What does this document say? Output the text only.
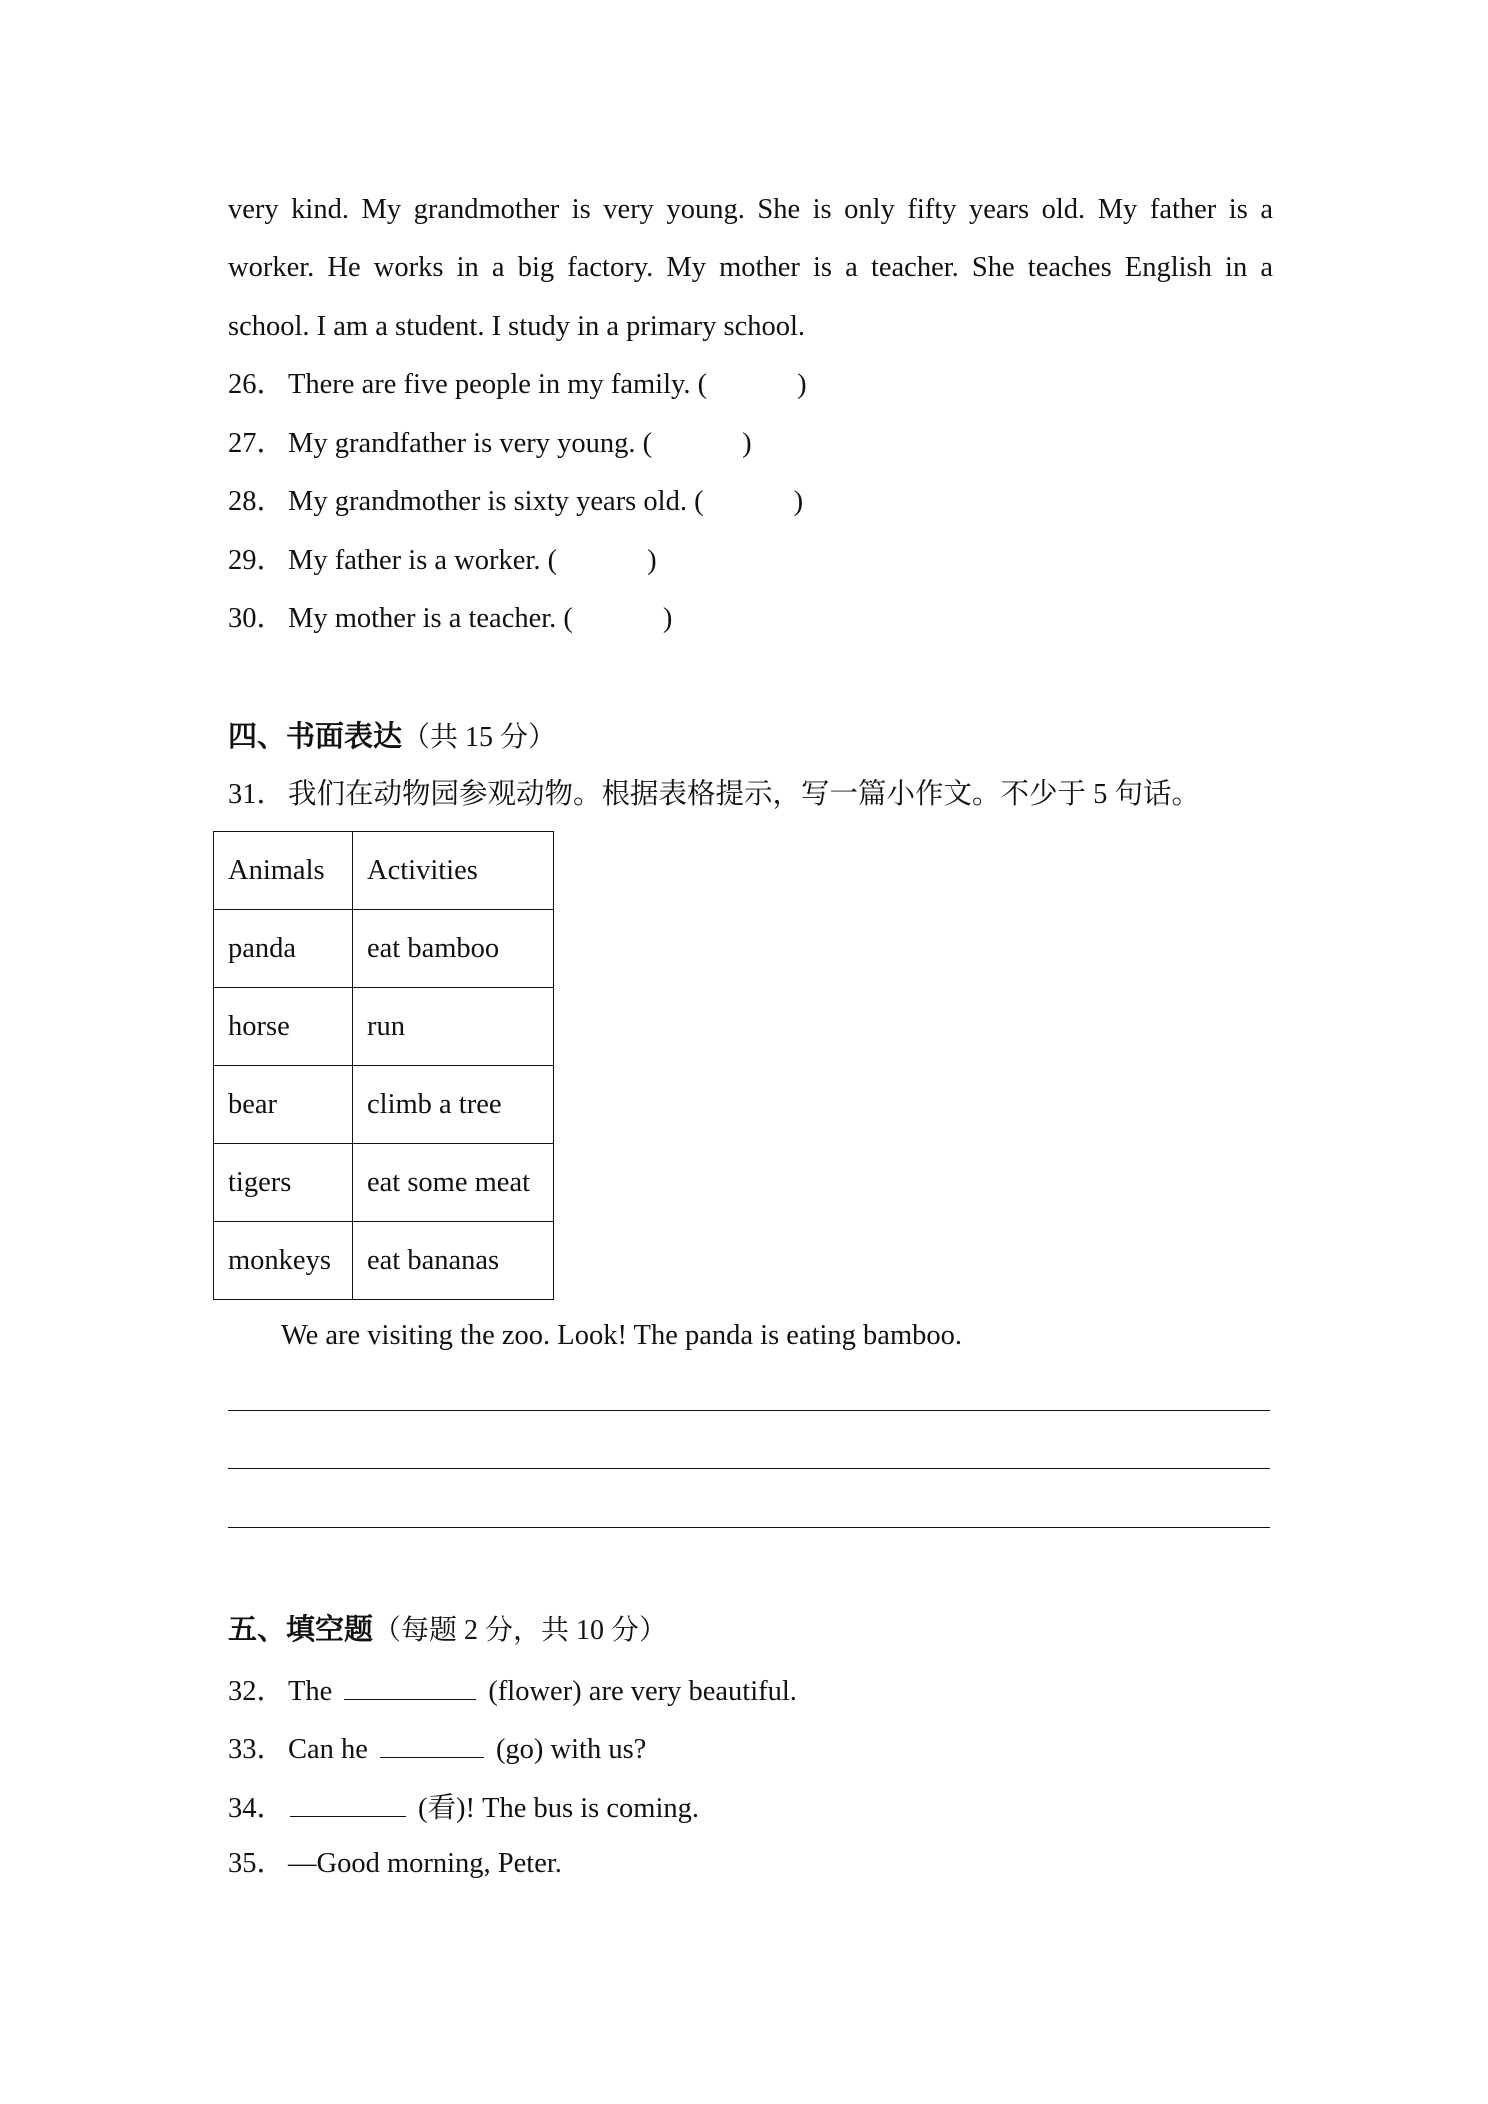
very kind. My grandmother is very young. She is only fifty years old. My father is a
worker. He works in a big factory. My mother is a teacher. She teaches English in a
school. I am a student. I study in a primary school.
26． There are five people in my family. (	)
27． My grandfather is very young. (	)
28． My grandmother is sixty years old. (	)
29． My father is a worker. (	)
30． My mother is a teacher. (	)
四、书面表达（共 15 分）
31． 我们在动物园参观动物。根据表格提示，写一篇小作文。不少于 5 句话。
Animals	Activities
panda	eat bamboo
horse	run
bear	climb a tree
tigers	eat some meat
monkeys	eat bananas
We are visiting the zoo. Look! The panda is eating bamboo.
五、填空题（每题 2 分，共 10 分）
32． The	(flower) are very beautiful.
33． Can he	(go) with us?
34．	(看)! The bus is coming.
35． —Good morning, Peter.
